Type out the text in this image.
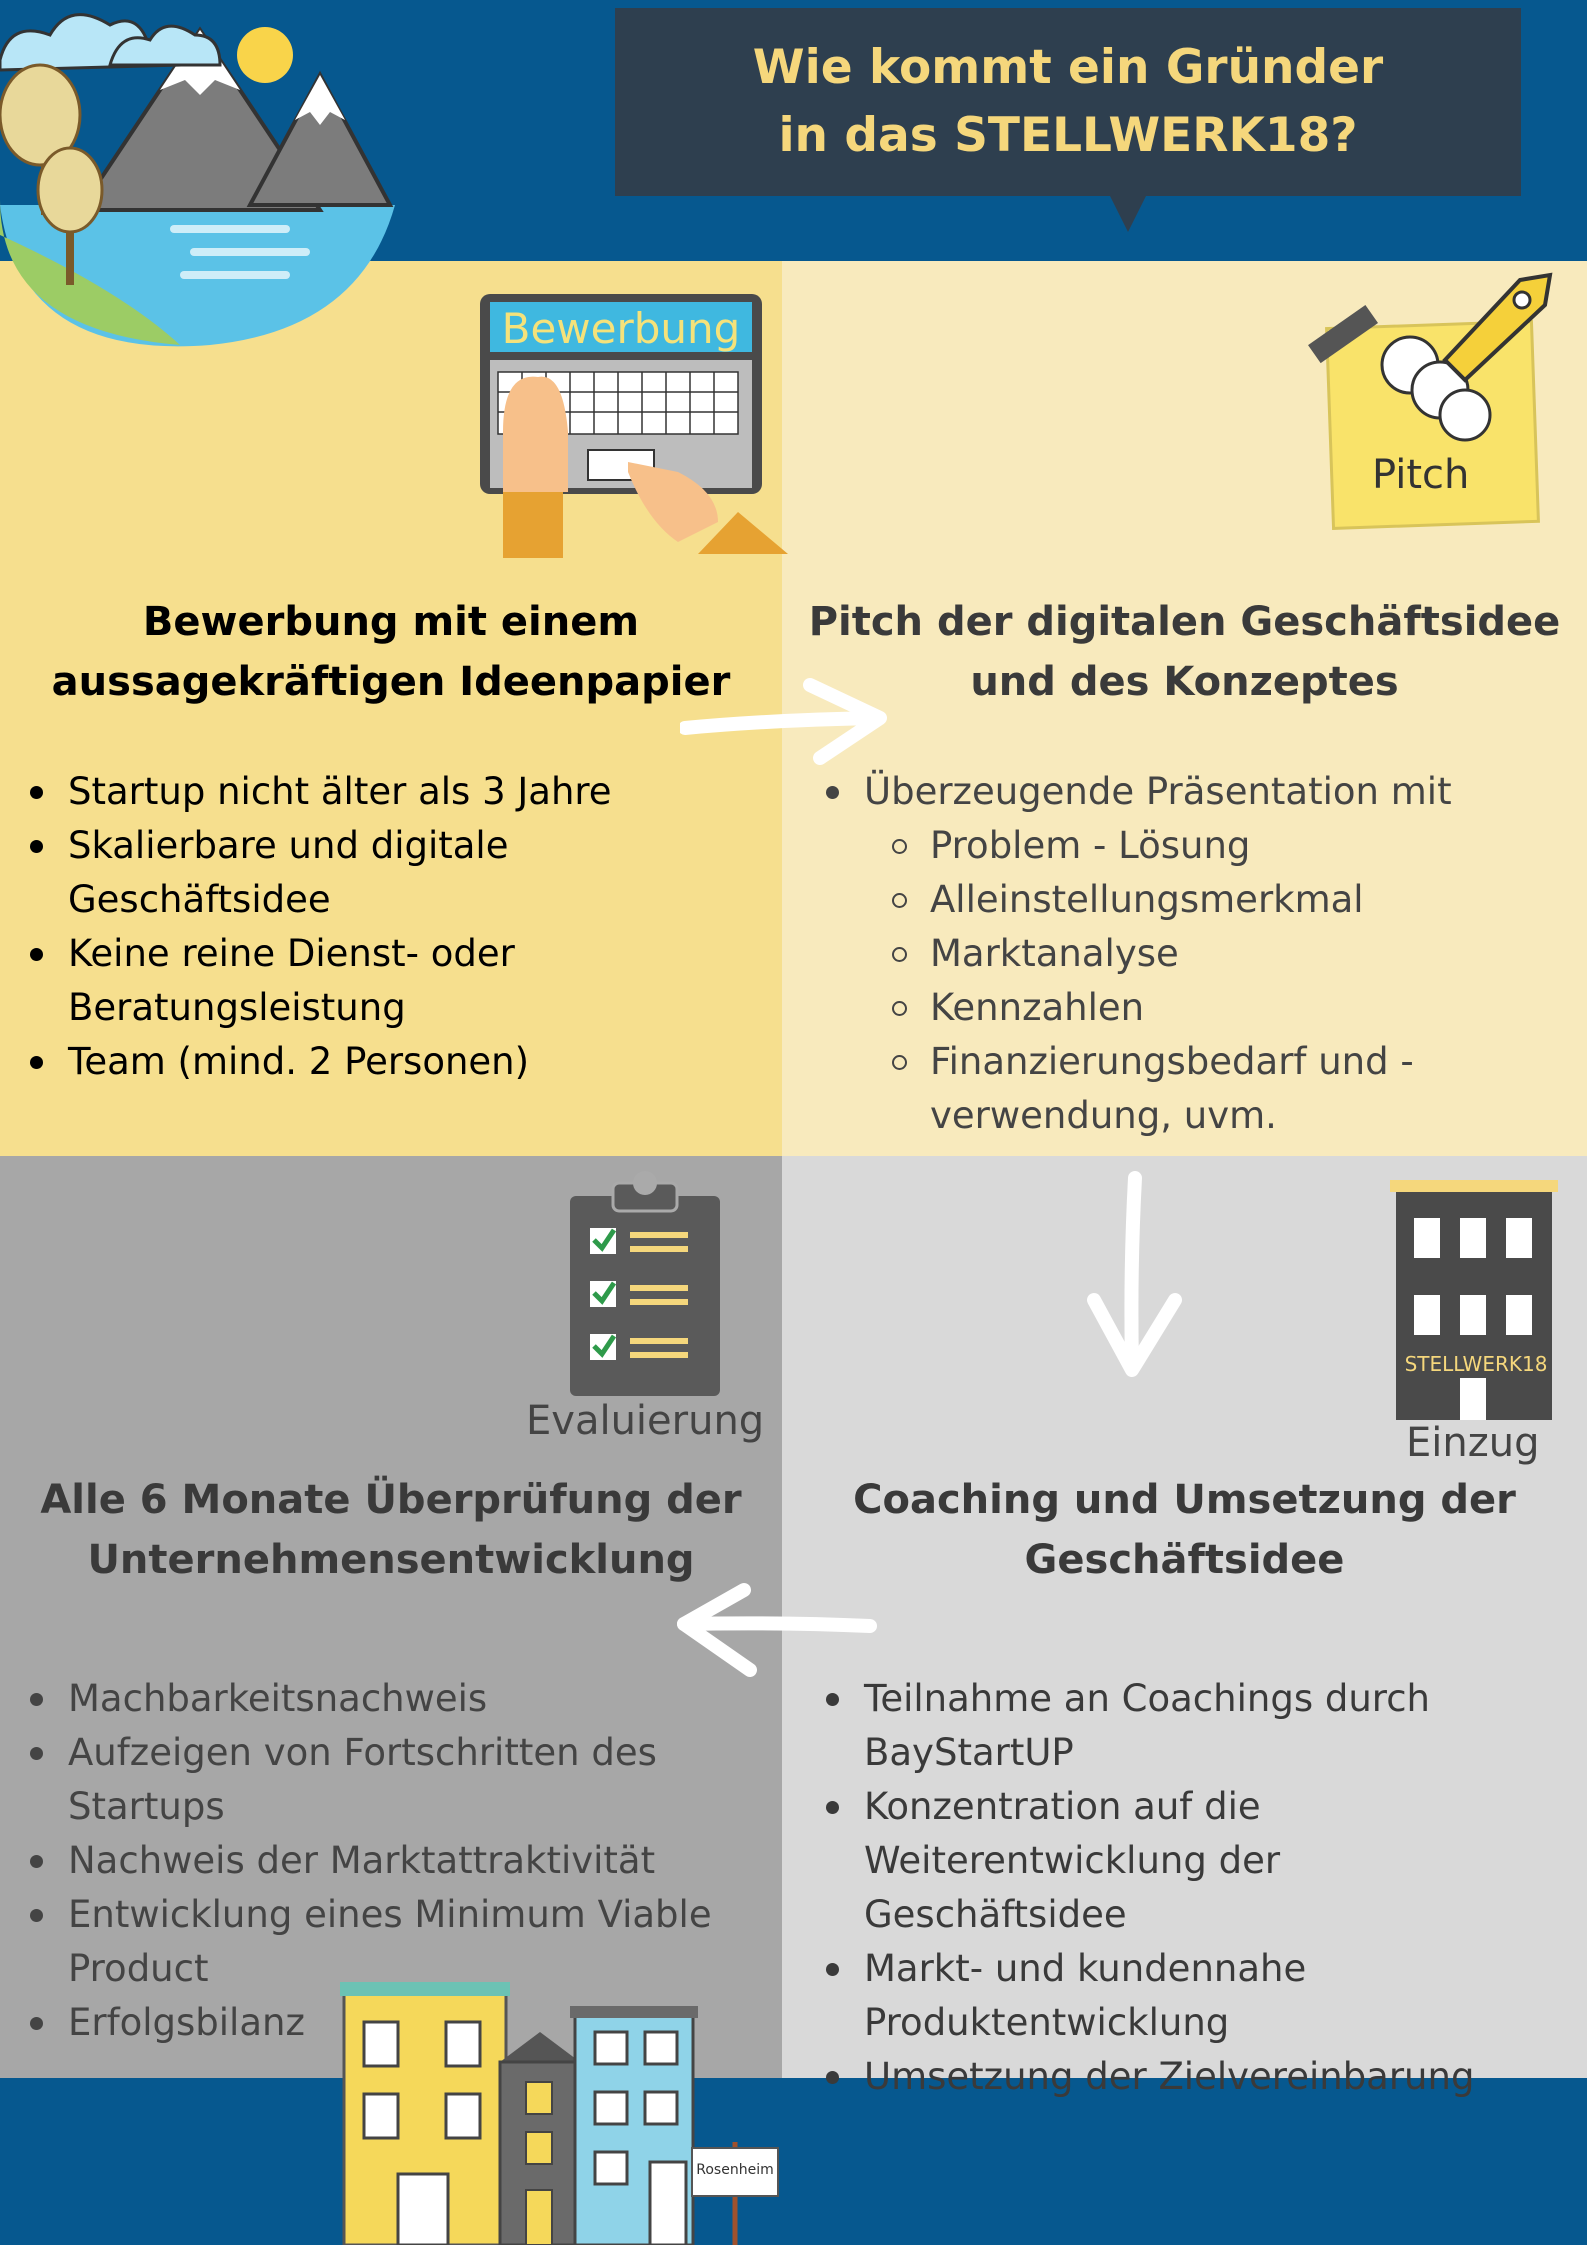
Wie kommt ein Gründer
in das STELLWERK18?
Bewerbung
Pitch
Bewerbung mit einem
aussagekräftigen Ideenpapier
Pitch der digitalen Geschäftsidee
und des Konzeptes
Startup nicht älter als 3 Jahre
Skalierbare und digitale Geschäftsidee
Keine reine Dienst- oder Beratungsleistung
Team (mind. 2 Personen)
Überzeugende Präsentation mit
Problem - Lösung
Alleinstellungsmerkmal
Marktanalyse
Kennzahlen
Finanzierungsbedarf und -verwendung, uvm.
Evaluierung
STELLWERK18
Einzug
Alle 6 Monate Überprüfung der
Unternehmensentwicklung
Coaching und Umsetzung der
Geschäftsidee
Machbarkeitsnachweis
Aufzeigen von Fortschritten des Startups
Nachweis der Marktattraktivität
Entwicklung eines Minimum Viable Product
Erfolgsbilanz
Teilnahme an Coachings durch BayStartUP
Konzentration auf die Weiterentwicklung der Geschäftsidee
Markt- und kundennahe Produktentwicklung
Umsetzung der Zielvereinbarung
Rosenheim
